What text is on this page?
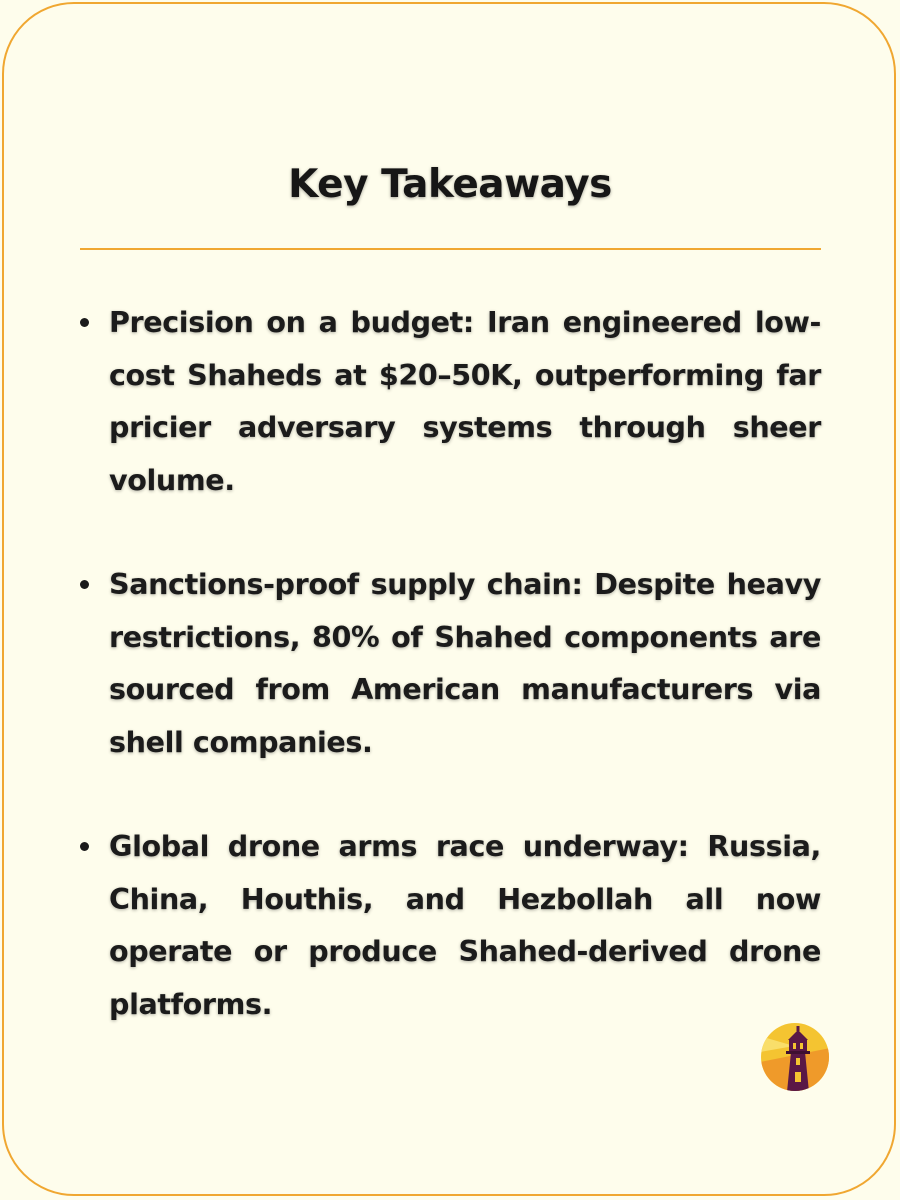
Key Takeaways
Precision on a budget: Iran engineered low-cost Shaheds at $20–50K, outperforming far pricier adversary systems through sheer volume.
Sanctions-proof supply chain: Despite heavy restrictions, 80% of Shahed components are sourced from American manufacturers via shell companies.
Global drone arms race underway: Russia, China, Houthis, and Hezbollah all now operate or produce Shahed-derived drone platforms.
